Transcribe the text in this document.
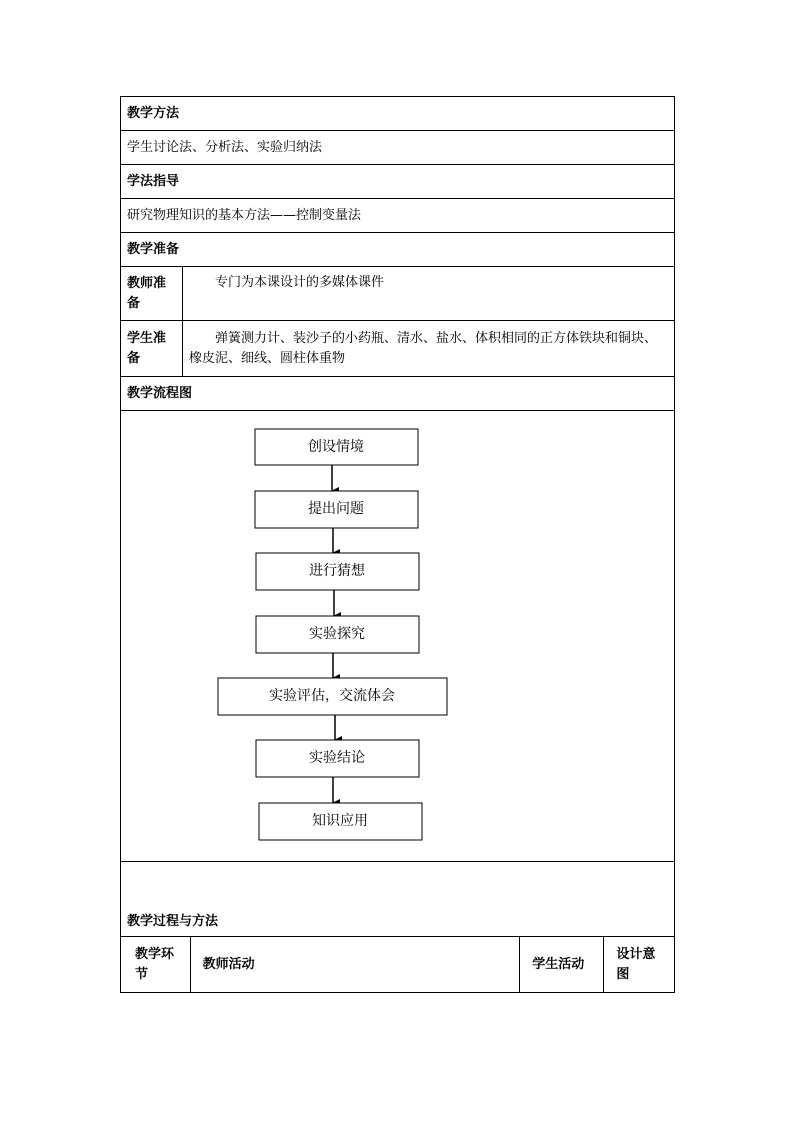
教学方法
学生讨论法、分析法、实验归纳法
学法指导
研究物理知识的基本方法——控制变量法
教学准备

教师准
备
	专门为本课设计的多媒体课件

学生准
备
	弹簧测力计、装沙子的小药瓶、清水、盐水、体积相同的正方体铁块和铜块、橡皮泥、细线、圆柱体重物
教学流程图

创设情境
提出问题
进行猜想
实验探究
实验评估，交流体会
实验结论
知识应用

教学过程与方法

教学环节	教师活动	学生活动	设计意图
